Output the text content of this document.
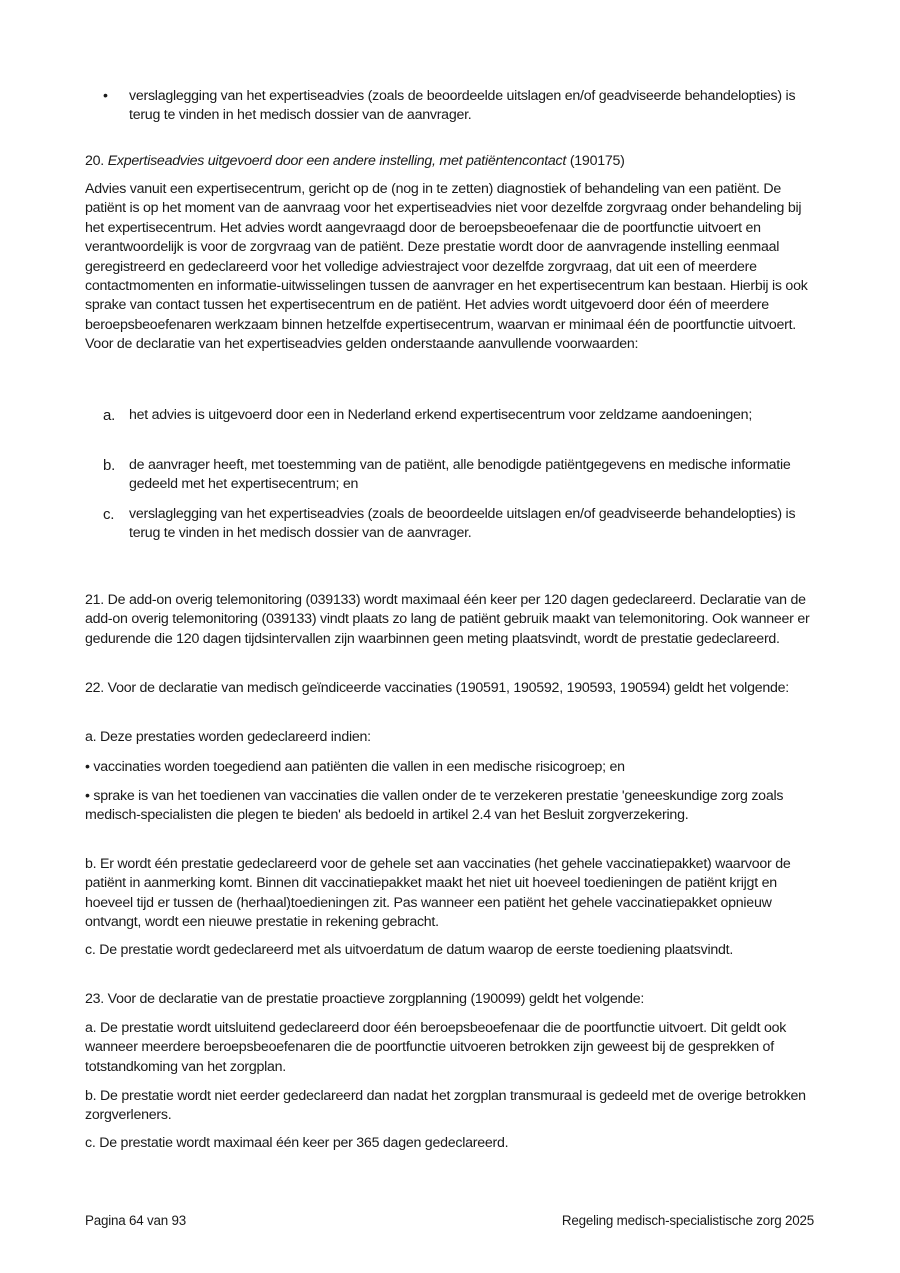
• verslaglegging van het expertiseadvies (zoals de beoordeelde uitslagen en/of geadviseerde behandelopties) is terug te vinden in het medisch dossier van de aanvrager.
20. Expertiseadvies uitgevoerd door een andere instelling, met patiëntencontact (190175)

Advies vanuit een expertisecentrum, gericht op de (nog in te zetten) diagnostiek of behandeling van een patiënt. De patiënt is op het moment van de aanvraag voor het expertiseadvies niet voor dezelfde zorgvraag onder behandeling bij het expertisecentrum. Het advies wordt aangevraagd door de beroepsbeoefenaar die de poortfunctie uitvoert en verantwoordelijk is voor de zorgvraag van de patiënt. Deze prestatie wordt door de aanvragende instelling eenmaal geregistreerd en gedeclareerd voor het volledige adviestraject voor dezelfde zorgvraag, dat uit een of meerdere contactmomenten en informatie-uitwisselingen tussen de aanvrager en het expertisecentrum kan bestaan. Hierbij is ook sprake van contact tussen het expertisecentrum en de patiënt. Het advies wordt uitgevoerd door één of meerdere beroepsbeoefenaren werkzaam binnen hetzelfde expertisecentrum, waarvan er minimaal één de poortfunctie uitvoert.

Voor de declaratie van het expertiseadvies gelden onderstaande aanvullende voorwaarden:

a. het advies is uitgevoerd door een in Nederland erkend expertisecentrum voor zeldzame aandoeningen;
b. de aanvrager heeft, met toestemming van de patiënt, alle benodigde patiëntgegevens en medische informatie gedeeld met het expertisecentrum; en
c. verslaglegging van het expertiseadvies (zoals de beoordeelde uitslagen en/of geadviseerde behandelopties) is terug te vinden in het medisch dossier van de aanvrager.
21. De add-on overig telemonitoring (039133) wordt maximaal één keer per 120 dagen gedeclareerd. Declaratie van de add-on overig telemonitoring (039133) vindt plaats zo lang de patiënt gebruik maakt van telemonitoring. Ook wanneer er gedurende die 120 dagen tijdsintervallen zijn waarbinnen geen meting plaatsvindt, wordt de prestatie gedeclareerd.
22. Voor de declaratie van medisch geïndiceerde vaccinaties (190591, 190592, 190593, 190594) geldt het volgende:
a. Deze prestaties worden gedeclareerd indien:
• vaccinaties worden toegediend aan patiënten die vallen in een medische risicogroep; en
• sprake is van het toedienen van vaccinaties die vallen onder de te verzekeren prestatie 'geneeskundige zorg zoals medisch-specialisten die plegen te bieden' als bedoeld in artikel 2.4 van het Besluit zorgverzekering.
b. Er wordt één prestatie gedeclareerd voor de gehele set aan vaccinaties (het gehele vaccinatiepakket) waarvoor de patiënt in aanmerking komt. Binnen dit vaccinatiepakket maakt het niet uit hoeveel toedieningen de patiënt krijgt en hoeveel tijd er tussen de (herhaal)toedieningen zit. Pas wanneer een patiënt het gehele vaccinatiepakket opnieuw ontvangt, wordt een nieuwe prestatie in rekening gebracht.
c. De prestatie wordt gedeclareerd met als uitvoerdatum de datum waarop de eerste toediening plaatsvindt.
23. Voor de declaratie van de prestatie proactieve zorgplanning (190099) geldt het volgende:
a. De prestatie wordt uitsluitend gedeclareerd door één beroepsbeoefenaar die de poortfunctie uitvoert. Dit geldt ook wanneer meerdere beroepsbeoefenaren die de poortfunctie uitvoeren betrokken zijn geweest bij de gesprekken of totstandkoming van het zorgplan.
b. De prestatie wordt niet eerder gedeclareerd dan nadat het zorgplan transmuraal is gedeeld met de overige betrokken zorgverleners.
c. De prestatie wordt maximaal één keer per 365 dagen gedeclareerd.
Pagina 64 van 93	Regeling medisch-specialistische zorg 2025
